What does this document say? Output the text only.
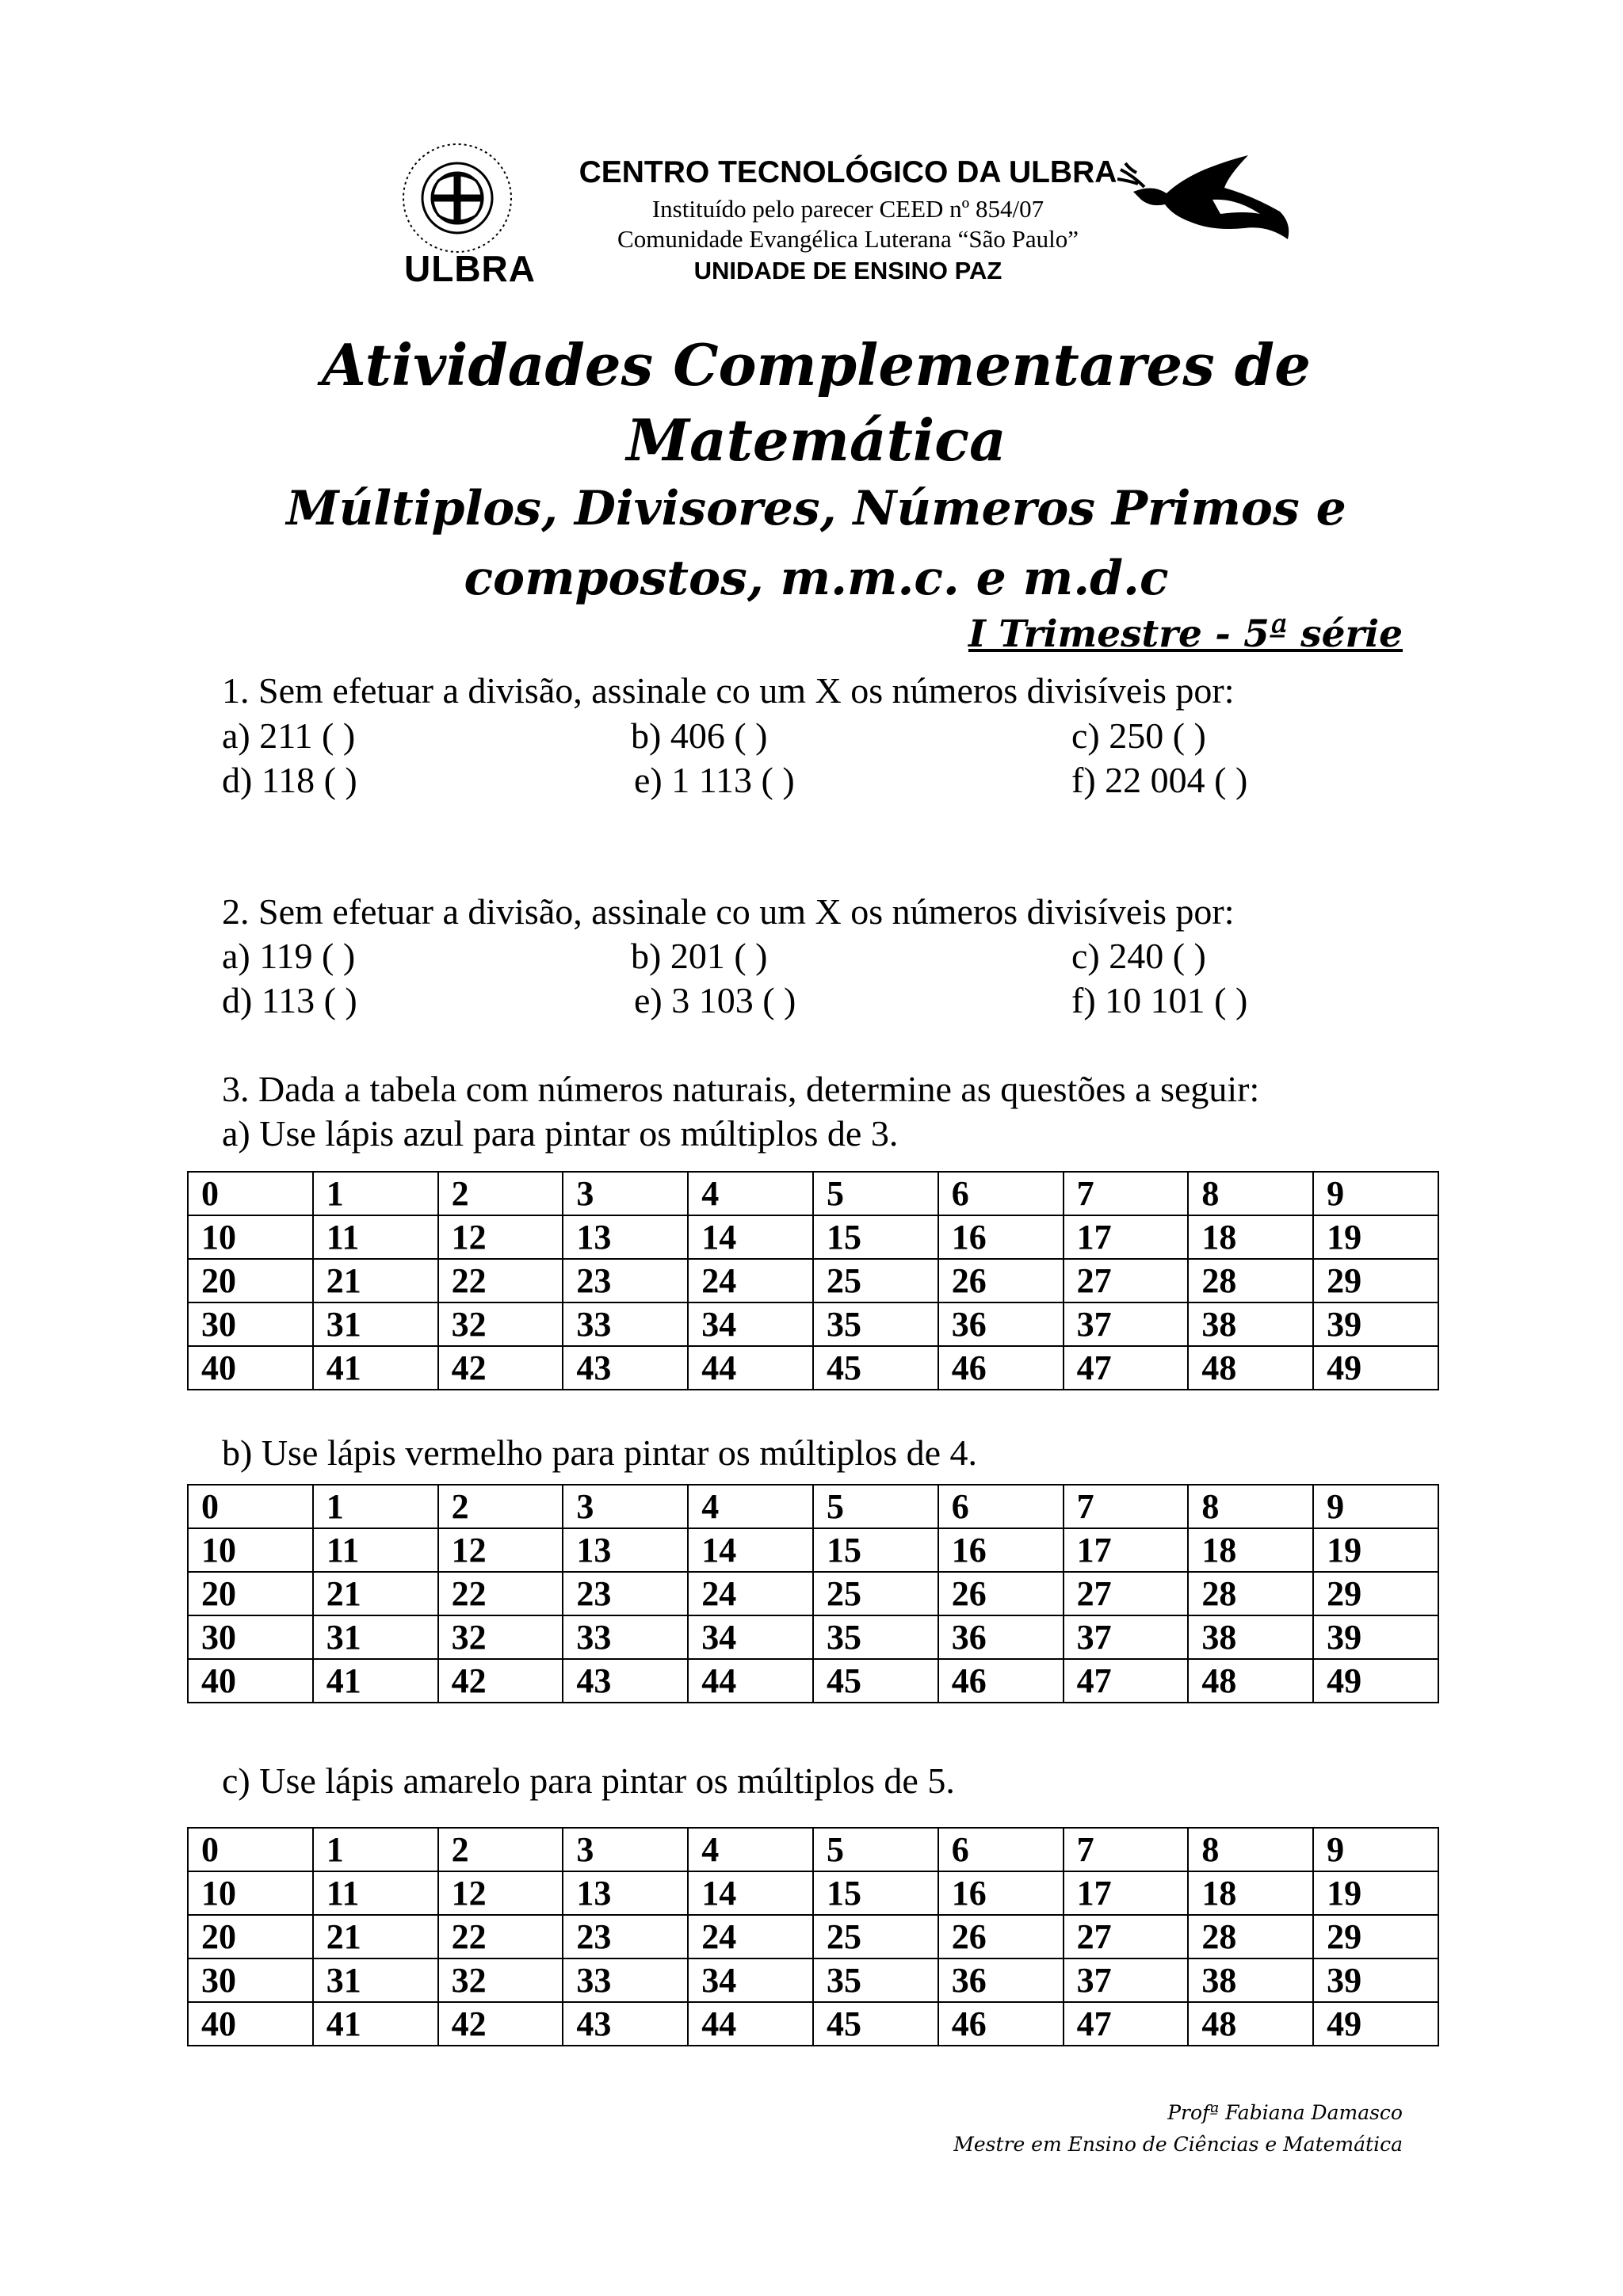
ULBRA
CENTRO TECNOLÓGICO DA ULBRA
Instituído pelo parecer CEED nº 854/07
Comunidade Evangélica Luterana “São Paulo”
UNIDADE DE ENSINO PAZ
Atividades Complementares de
Matemática
Múltiplos, Divisores, Números Primos e
compostos, m.m.c. e m.d.c
I Trimestre - 5ª série
1. Sem efetuar a divisão, assinale co um X os números divisíveis por:
a) 211 ( )	b) 406 ( )	c) 250 ( )
d) 118 ( )	e) 1 113 ( )	f) 22 004 ( )
2. Sem efetuar a divisão, assinale co um X os números divisíveis por:
a) 119 ( )	b) 201 ( )	c) 240 ( )
d) 113 ( )	e) 3 103 ( )	f) 10 101 ( )
3. Dada a tabela com números naturais, determine as questões a seguir:
a) Use lápis azul para pintar os múltiplos de 3.
0	1	2	3	4	5	6	7	8	9
10	11	12	13	14	15	16	17	18	19
20	21	22	23	24	25	26	27	28	29
30	31	32	33	34	35	36	37	38	39
40	41	42	43	44	45	46	47	48	49
b) Use lápis vermelho para pintar os múltiplos de 4.
0	1	2	3	4	5	6	7	8	9
10	11	12	13	14	15	16	17	18	19
20	21	22	23	24	25	26	27	28	29
30	31	32	33	34	35	36	37	38	39
40	41	42	43	44	45	46	47	48	49
c) Use lápis amarelo para pintar os múltiplos de 5.
0	1	2	3	4	5	6	7	8	9
10	11	12	13	14	15	16	17	18	19
20	21	22	23	24	25	26	27	28	29
30	31	32	33	34	35	36	37	38	39
40	41	42	43	44	45	46	47	48	49
Profª Fabiana Damasco
Mestre em Ensino de Ciências e Matemática
